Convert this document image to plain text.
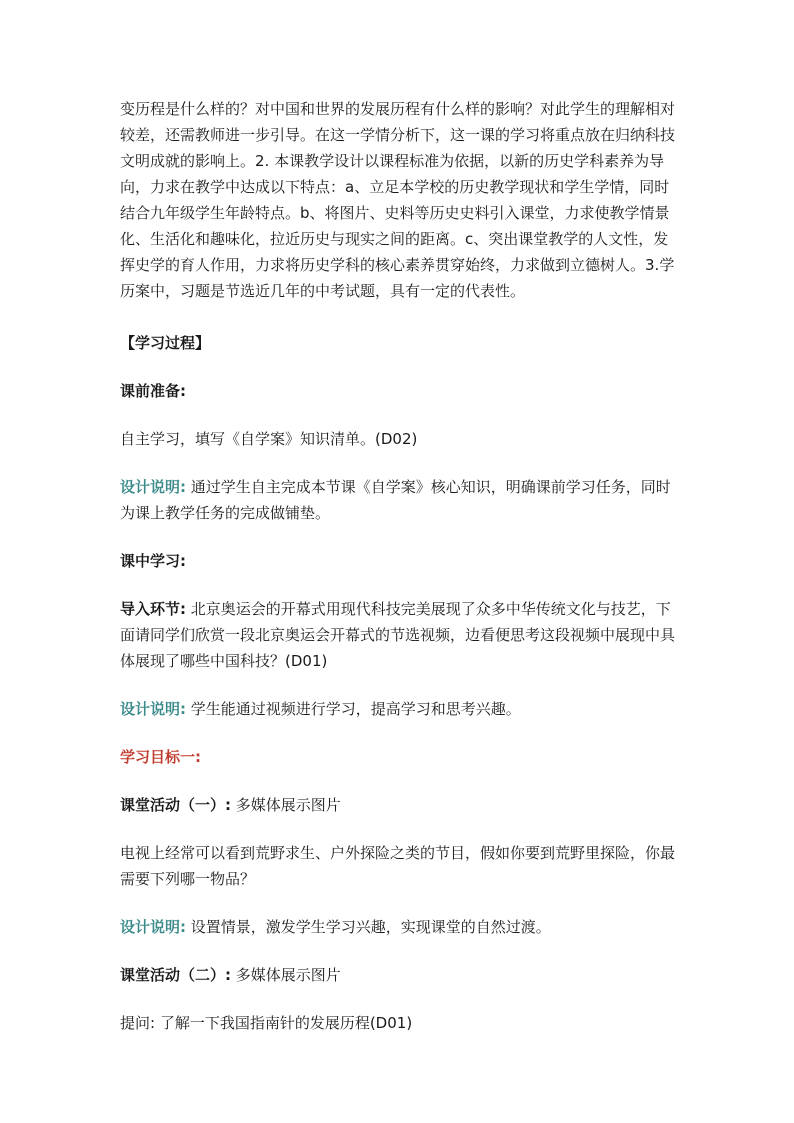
变历程是什么样的？对中国和世界的发展历程有什么样的影响？对此学生的理解相对较差，还需教师进一步引导。在这一学情分析下，这一课的学习将重点放在归纳科技文明成就的影响上。2. 本课教学设计以课程标准为依据，以新的历史学科素养为导向，力求在教学中达成以下特点：a、立足本学校的历史教学现状和学生学情，同时结合九年级学生年龄特点。b、将图片、史料等历史史料引入课堂，力求使教学情景化、生活化和趣味化，拉近历史与现实之间的距离。c、突出课堂教学的人文性，发挥史学的育人作用，力求将历史学科的核心素养贯穿始终，力求做到立德树人。3.学历案中，习题是节选近几年的中考试题，具有一定的代表性。

【学习过程】

课前准备:

自主学习，填写《自学案》知识清单。(D02)

设计说明: 通过学生自主完成本节课《自学案》核心知识，明确课前学习任务，同时为课上教学任务的完成做铺垫。

课中学习:

导入环节: 北京奥运会的开幕式用现代科技完美展现了众多中华传统文化与技艺，下面请同学们欣赏一段北京奥运会开幕式的节选视频，边看便思考这段视频中展现中具体展现了哪些中国科技？(D01)

设计说明: 学生能通过视频进行学习，提高学习和思考兴趣。

学习目标一:

课堂活动（一）: 多媒体展示图片

电视上经常可以看到荒野求生、户外探险之类的节目，假如你要到荒野里探险，你最需要下列哪一物品？

设计说明: 设置情景，激发学生学习兴趣，实现课堂的自然过渡。

课堂活动（二）: 多媒体展示图片

提问: 了解一下我国指南针的发展历程(D01)
